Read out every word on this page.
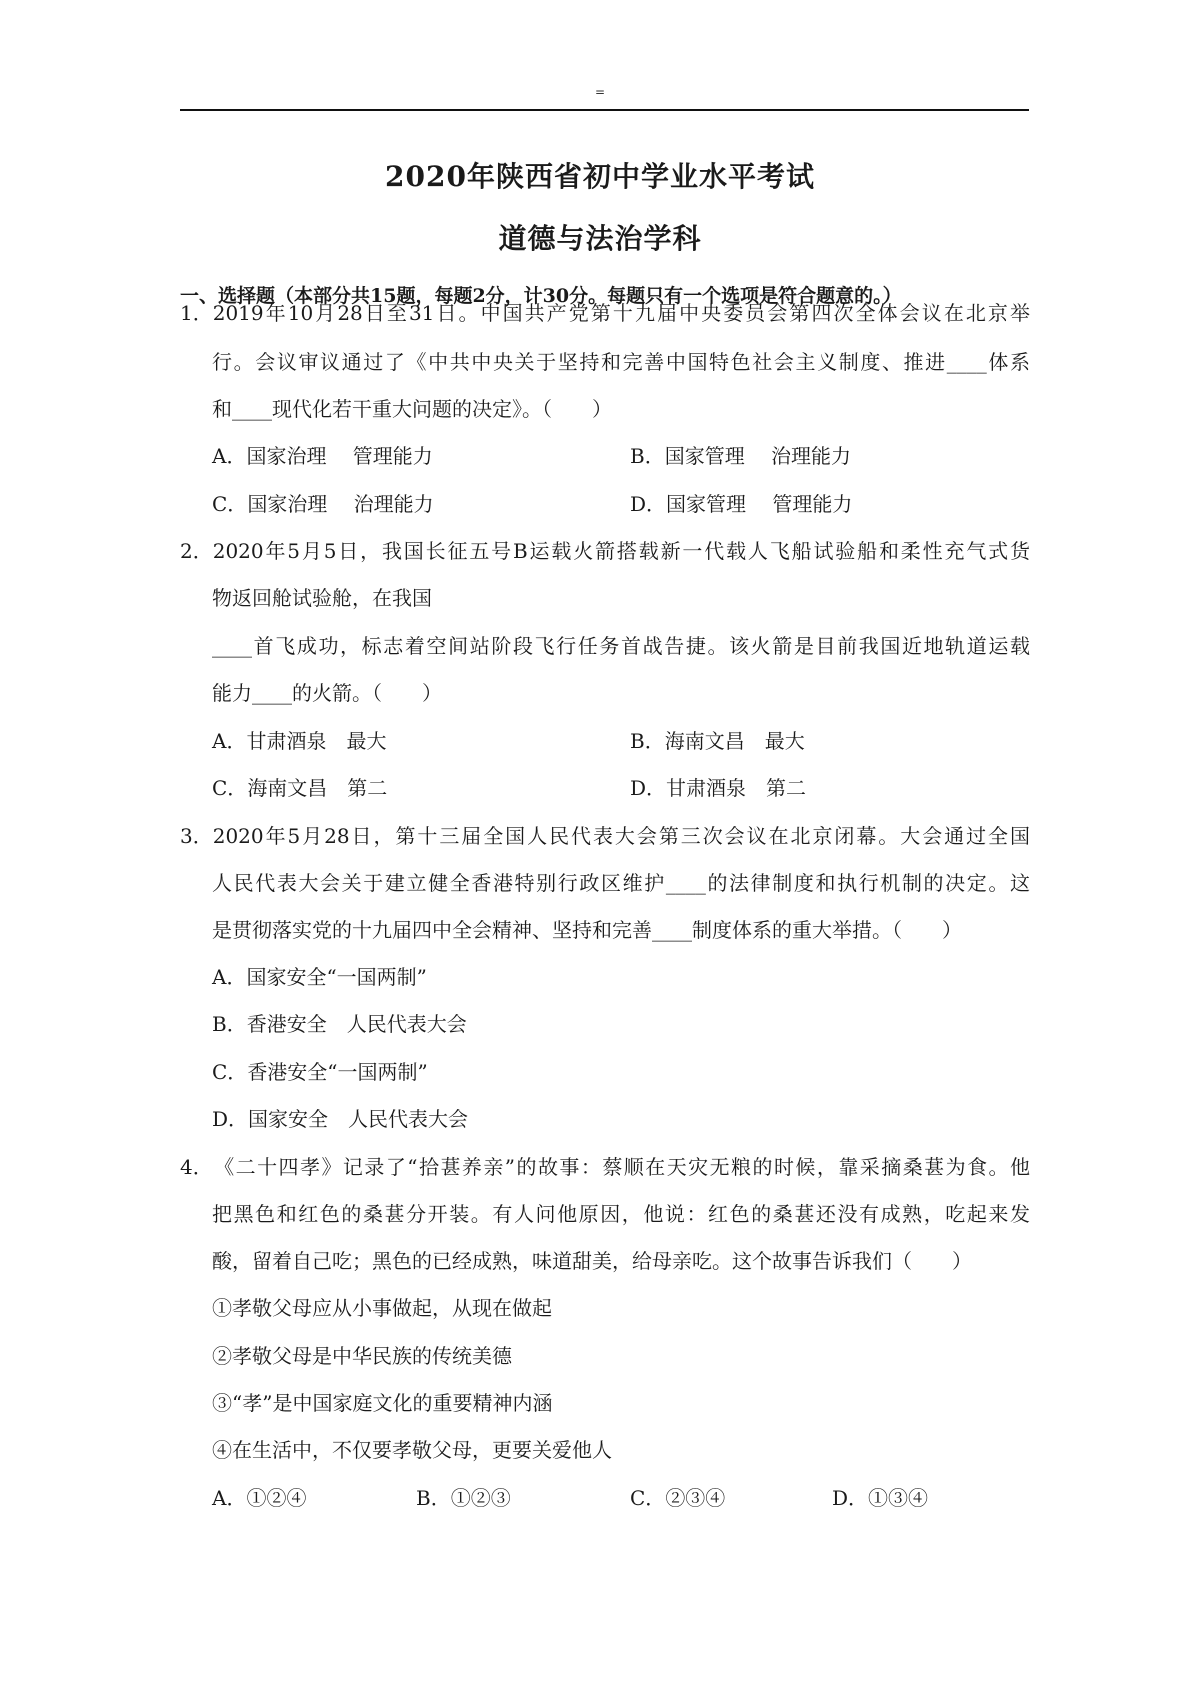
=
2020年陕西省初中学业水平考试
道德与法治学科
一、选择题（本部分共15题，每题2分，计30分。每题只有一个选项是符合题意的。）
1．2019年10月28日至31日。中国共产党第十九届中央委员会第四次全体会议在北京举
行。会议审议通过了《中共中央关于坚持和完善中国特色社会主义制度、推进____体系
和____现代化若干重大问题的决定》。（　　）
A．国家治理　 管理能力	B．国家管理　 治理能力
C．国家治理　 治理能力	D．国家管理　 管理能力
2．2020年5月5日，我国长征五号B运载火箭搭载新一代载人飞船试验船和柔性充气式货
物返回舱试验舱，在我国
____首飞成功，标志着空间站阶段飞行任务首战告捷。该火箭是目前我国近地轨道运载
能力____的火箭。（　　）
A．甘肃酒泉　最大	B．海南文昌　最大
C．海南文昌　第二	D．甘肃酒泉　第二
3．2020年5月28日，第十三届全国人民代表大会第三次会议在北京闭幕。大会通过全国
人民代表大会关于建立健全香港特别行政区维护____的法律制度和执行机制的决定。这
是贯彻落实党的十九届四中全会精神、坚持和完善____制度体系的重大举措。（　　）
A．国家安全“一国两制”
B．香港安全　人民代表大会
C．香港安全“一国两制”
D．国家安全　人民代表大会
4．《二十四孝》记录了“拾葚养亲”的故事：蔡顺在天灾无粮的时候，靠采摘桑葚为食。他
把黑色和红色的桑葚分开装。有人问他原因，他说：红色的桑葚还没有成熟，吃起来发
酸，留着自己吃；黑色的已经成熟，味道甜美，给母亲吃。这个故事告诉我们（　　）
①孝敬父母应从小事做起，从现在做起
②孝敬父母是中华民族的传统美德
③“孝”是中国家庭文化的重要精神内涵
④在生活中，不仅要孝敬父母，更要关爱他人
A．①②④	B．①②③	C．②③④	D．①③④
